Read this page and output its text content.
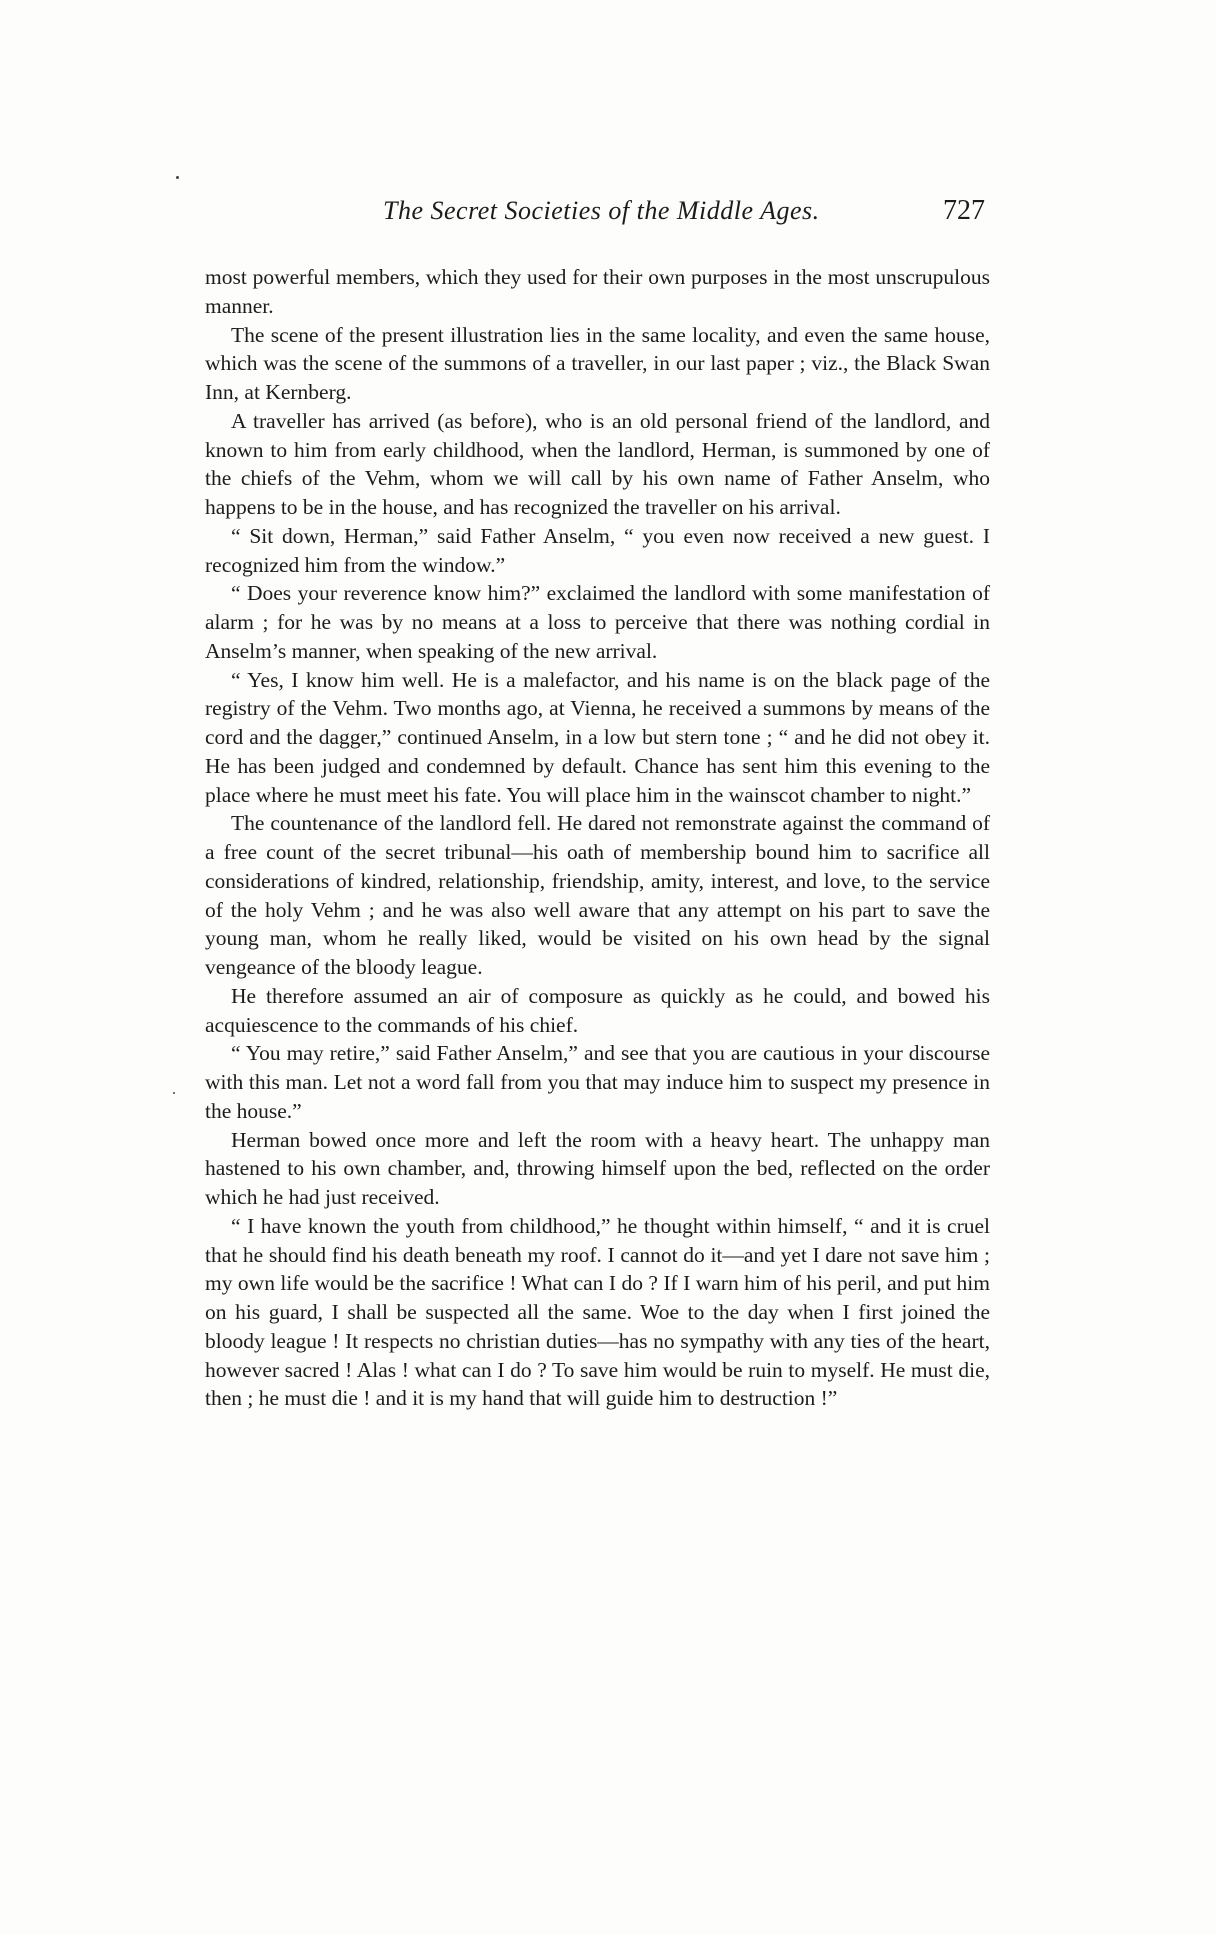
The Secret Societies of the Middle Ages.	727

most powerful members, which they used for their own purposes in the most unscrupulous manner.

The scene of the present illustration lies in the same locality, and even the same house, which was the scene of the summons of a traveller, in our last paper ; viz., the Black Swan Inn, at Kernberg.

A traveller has arrived (as before), who is an old personal friend of the landlord, and known to him from early childhood, when the landlord, Herman, is summoned by one of the chiefs of the Vehm, whom we will call by his own name of Father Anselm, who happens to be in the house, and has recognized the traveller on his arrival.

“ Sit down, Herman,” said Father Anselm, “ you even now received a new guest. I recognized him from the window.”

“ Does your reverence know him?” exclaimed the landlord with some manifestation of alarm ; for he was by no means at a loss to perceive that there was nothing cordial in Anselm’s manner, when speaking of the new arrival.

“ Yes, I know him well. He is a malefactor, and his name is on the black page of the registry of the Vehm. Two months ago, at Vienna, he received a summons by means of the cord and the dagger,” continued Anselm, in a low but stern tone ; “ and he did not obey it. He has been judged and condemned by default. Chance has sent him this evening to the place where he must meet his fate. You will place him in the wainscot chamber to night.”

The countenance of the landlord fell. He dared not remonstrate against the command of a free count of the secret tribunal—his oath of membership bound him to sacrifice all considerations of kindred, relationship, friendship, amity, interest, and love, to the service of the holy Vehm ; and he was also well aware that any attempt on his part to save the young man, whom he really liked, would be visited on his own head by the signal vengeance of the bloody league.

He therefore assumed an air of composure as quickly as he could, and bowed his acquiescence to the commands of his chief.

“ You may retire,” said Father Anselm,” and see that you are cautious in your discourse with this man. Let not a word fall from you that may induce him to suspect my presence in the house.”

Herman bowed once more and left the room with a heavy heart. The unhappy man hastened to his own chamber, and, throwing himself upon the bed, reflected on the order which he had just received.

“ I have known the youth from childhood,” he thought within himself, “ and it is cruel that he should find his death beneath my roof. I cannot do it—and yet I dare not save him ; my own life would be the sacrifice ! What can I do ? If I warn him of his peril, and put him on his guard, I shall be suspected all the same. Woe to the day when I first joined the bloody league ! It respects no christian duties—has no sympathy with any ties of the heart, however sacred ! Alas ! what can I do ? To save him would be ruin to myself. He must die, then ; he must die ! and it is my hand that will guide him to destruction !”
